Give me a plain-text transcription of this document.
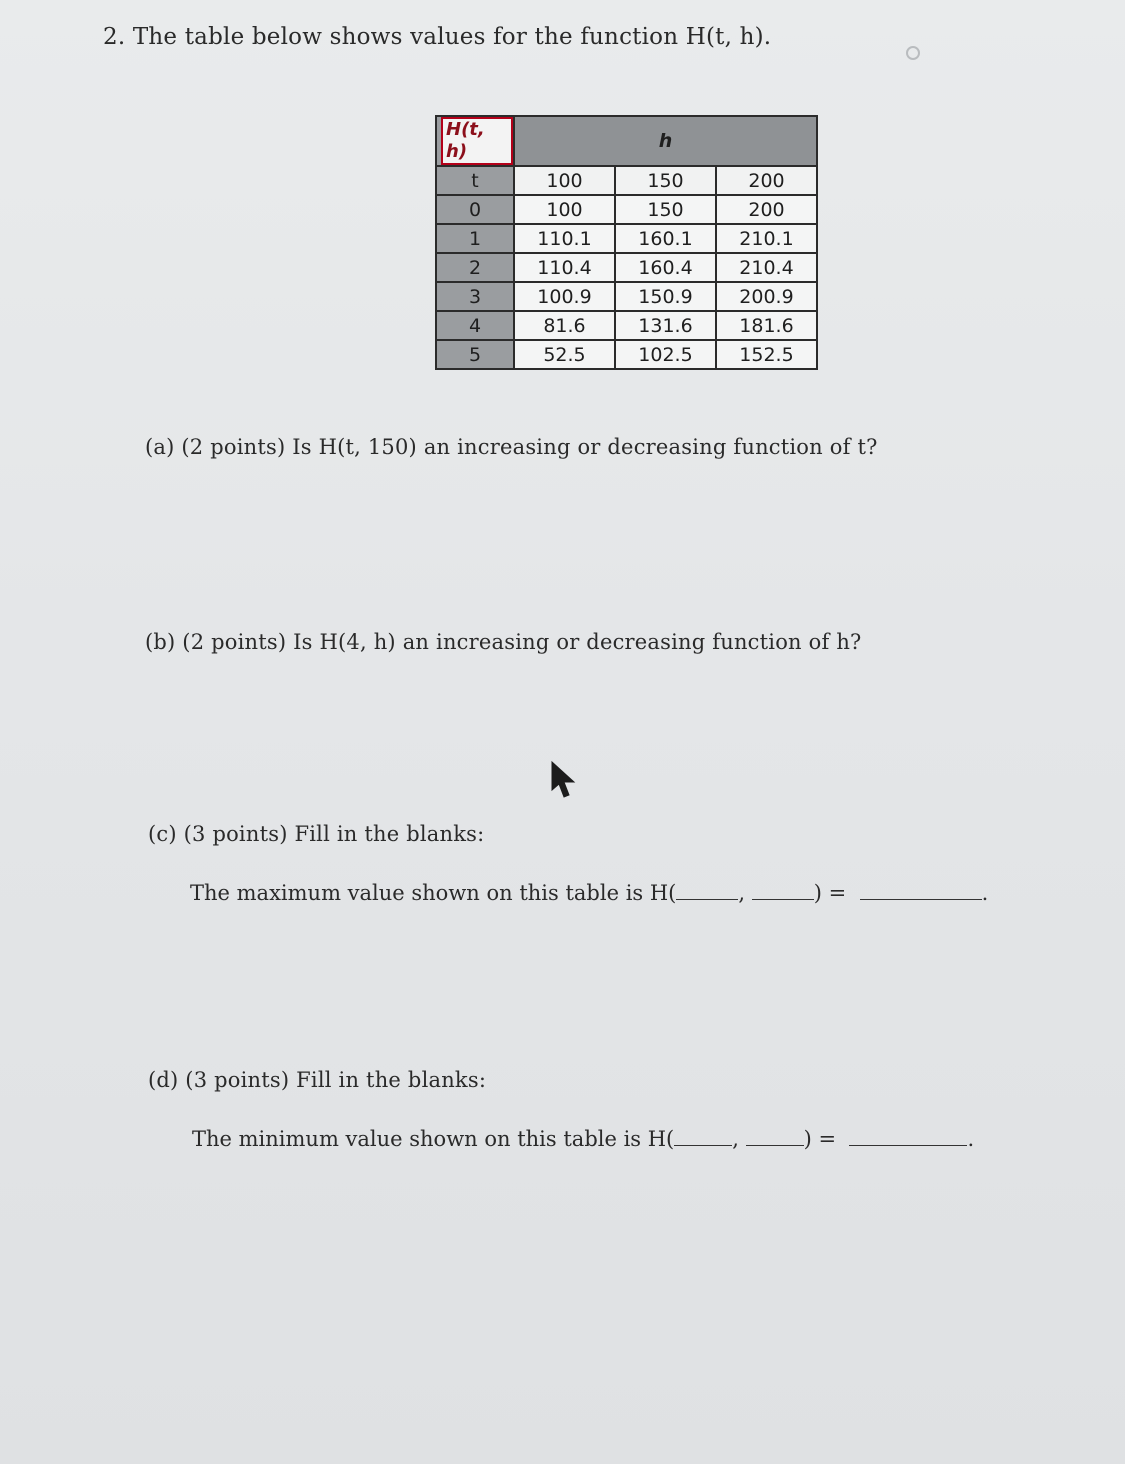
2. The table below shows values for the function H(t, h).
H(t, h)	h		
t	100	150	200
0	100	150	200
1	110.1	160.1	210.1
2	110.4	160.4	210.4
3	100.9	150.9	200.9
4	81.6	131.6	181.6
5	52.5	102.5	152.5
(a) (2 points) Is H(t, 150) an increasing or decreasing function of t?
(b) (2 points) Is H(4, h) an increasing or decreasing function of h?
(c) (3 points) Fill in the blanks:
The maximum value shown on this table is H(	,	) =	.
(d) (3 points) Fill in the blanks:
The minimum value shown on this table is H(	,	) =	.
